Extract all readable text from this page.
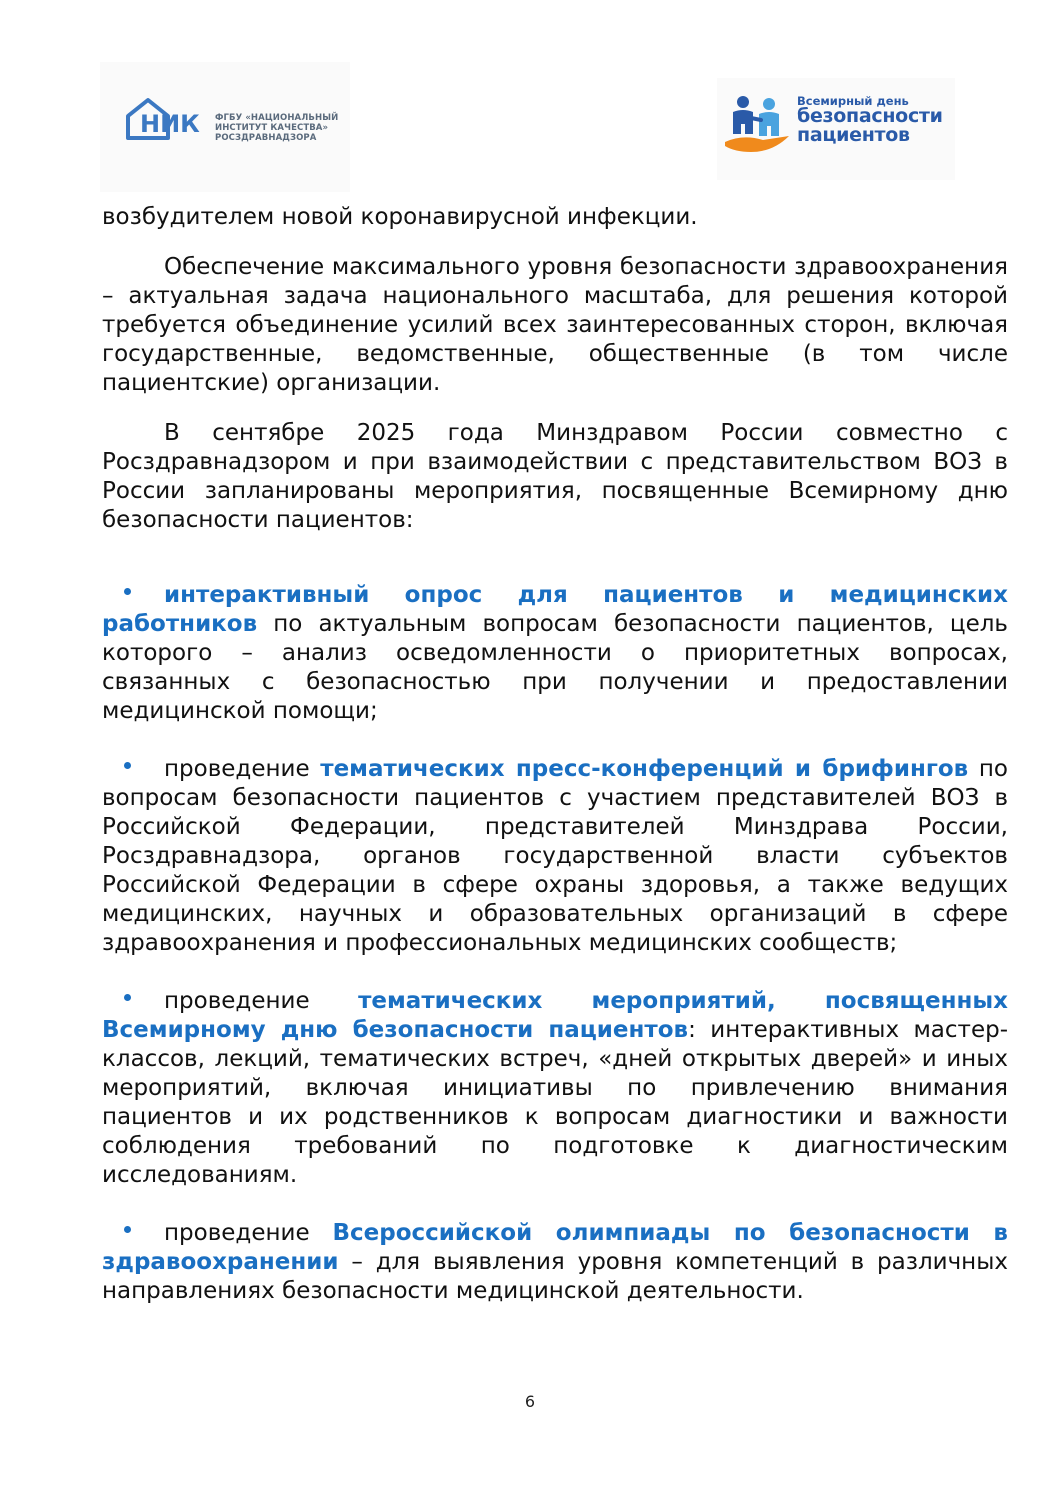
НИК ФГБУ «НАЦИОНАЛЬНЫЙ
ИНСТИТУТ КАЧЕСТВА»
РОСЗДРАВНАДЗОРА
Всемирный день
безопасности
пациентов

возбудителем новой коронавирусной инфекции.

Обеспечение максимального уровня безопасности здравоохранения – актуальная задача национального масштаба, для решения которой требуется объединение усилий всех заинтересованных сторон, включая государственные, ведомственные, общественные (в том числе пациентские) организации.

В сентябре 2025 года Минздравом России совместно с Росздравнадзором и при взаимодействии с представительством ВОЗ в России запланированы мероприятия, посвященные Всемирному дню безопасности пациентов:

интерактивный опрос для пациентов и медицинских работников по актуальным вопросам безопасности пациентов, цель которого – анализ осведомленности о приоритетных вопросах, связанных с безопасностью при получении и предоставлении медицинской помощи;

проведение тематических пресс-конференций и брифингов по вопросам безопасности пациентов с участием представителей ВОЗ в Российской Федерации, представителей Минздрава России, Росздравнадзора, органов государственной власти субъектов Российской Федерации в сфере охраны здоровья, а также ведущих медицинских, научных и образовательных организаций в сфере здравоохранения и профессиональных медицинских сообществ;

проведение тематических мероприятий, посвященных Всемирному дню безопасности пациентов: интерактивных мастер-классов, лекций, тематических встреч, «дней открытых дверей» и иных мероприятий, включая инициативы по привлечению внимания пациентов и их родственников к вопросам диагностики и важности соблюдения требований по подготовке к диагностическим исследованиям.

проведение Всероссийской олимпиады по безопасности в здравоохранении – для выявления уровня компетенций в различных направлениях безопасности медицинской деятельности.

6
